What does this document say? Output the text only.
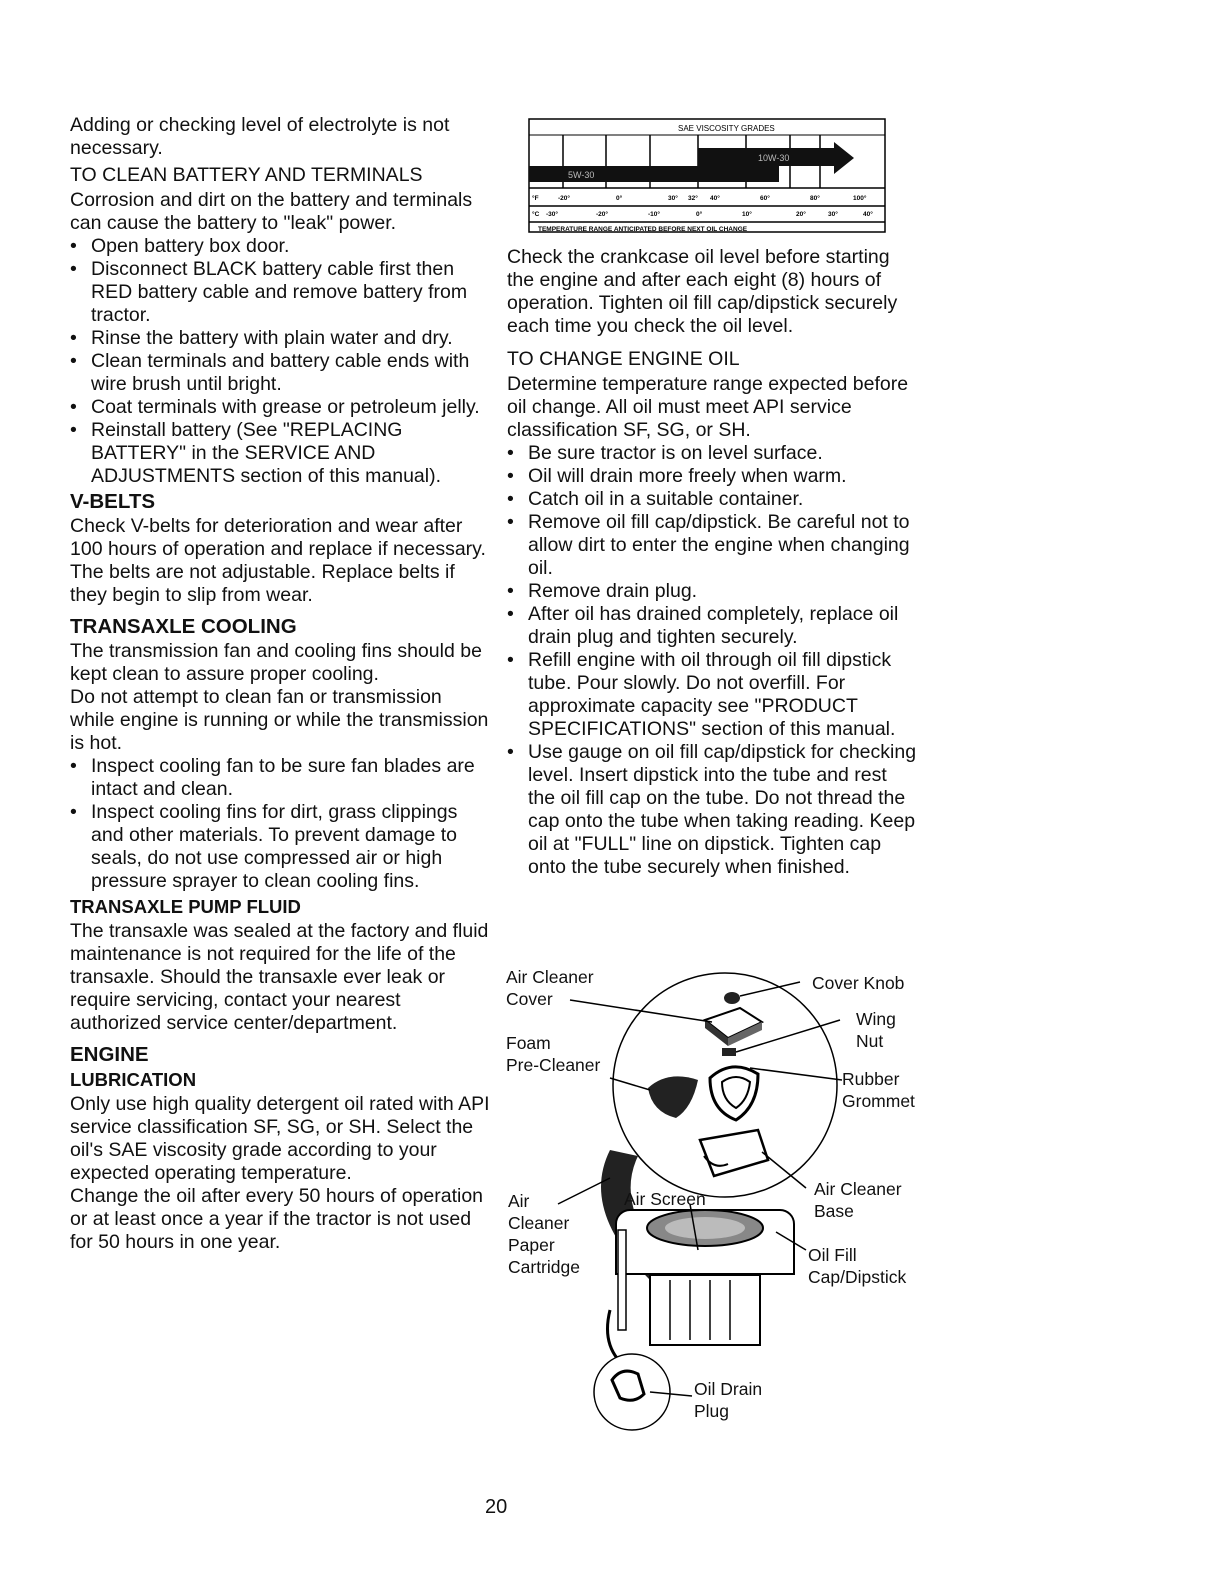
Adding or checking level of electrolyte is not necessary.

TO CLEAN BATTERY AND TERMINALS

Corrosion and dirt on the battery and terminals can cause the battery to "leak" power.

• Open battery box door.
• Disconnect BLACK battery cable first then RED battery cable and remove battery from tractor.
• Rinse the battery with plain water and dry.
• Clean terminals and battery cable ends with wire brush until bright.
• Coat terminals with grease or petroleum jelly.
• Reinstall battery (See "REPLACING BATTERY" in the SERVICE AND ADJUSTMENTS section of this manual).

V-BELTS

Check V-belts for deterioration and wear after 100 hours of operation and replace if necessary. The belts are not adjustable. Replace belts if they begin to slip from wear.

TRANSAXLE COOLING

The transmission fan and cooling fins should be kept clean to assure proper cooling.

Do not attempt to clean fan or transmission while engine is running or while the transmission is hot.

• Inspect cooling fan to be sure fan blades are intact and clean.
• Inspect cooling fins for dirt, grass clippings and other materials. To prevent damage to seals, do not use compressed air or high pressure sprayer to clean cooling fins.

TRANSAXLE PUMP FLUID

The transaxle was sealed at the factory and fluid maintenance is not required for the life of the transaxle. Should the transaxle ever leak or require servicing, contact your nearest authorized service center/department.

ENGINE

LUBRICATION

Only use high quality detergent oil rated with API service classification SF, SG, or SH. Select the oil's SAE viscosity grade according to your expected operating temperature.

Change the oil after every 50 hours of operation or at least once a year if the tractor is not used for 50 hours in one year.

SAE VISCOSITY GRADES
10W-30
5W-30
°F	-20°	0°	30° 32° 40°	60°	80°	100°
°C -30°	-20°	-10°	0°	10°	20°	30°	40°
TEMPERATURE RANGE ANTICIPATED BEFORE NEXT OIL CHANGE

Check the crankcase oil level before starting the engine and after each eight (8) hours of operation. Tighten oil fill cap/dipstick securely each time you check the oil level.

TO CHANGE ENGINE OIL

Determine temperature range expected before oil change. All oil must meet API service classification SF, SG, or SH.

• Be sure tractor is on level surface.
• Oil will drain more freely when warm.
• Catch oil in a suitable container.
• Remove oil fill cap/dipstick. Be careful not to allow dirt to enter the engine when changing oil.
• Remove drain plug.
• After oil has drained completely, replace oil drain plug and tighten securely.
• Refill engine with oil through oil fill dipstick tube. Pour slowly. Do not overfill. For approximate capacity see "PRODUCT SPECIFICATIONS" section of this manual.
• Use gauge on oil fill cap/dipstick for checking level. Insert dipstick into the tube and rest the oil fill cap on the tube. Do not thread the cap onto the tube when taking reading. Keep oil at "FULL" line on dipstick. Tighten cap onto the tube securely when finished.
Air Cleaner
Cover
Foam
Pre-Cleaner
Cover Knob
Wing
Nut
Rubber
Grommet
Air
Cleaner
Paper
Cartridge
Air Screen	Air Cleaner
Base
Oil Fill
Cap/Dipstick
Oil Drain
Plug
20
